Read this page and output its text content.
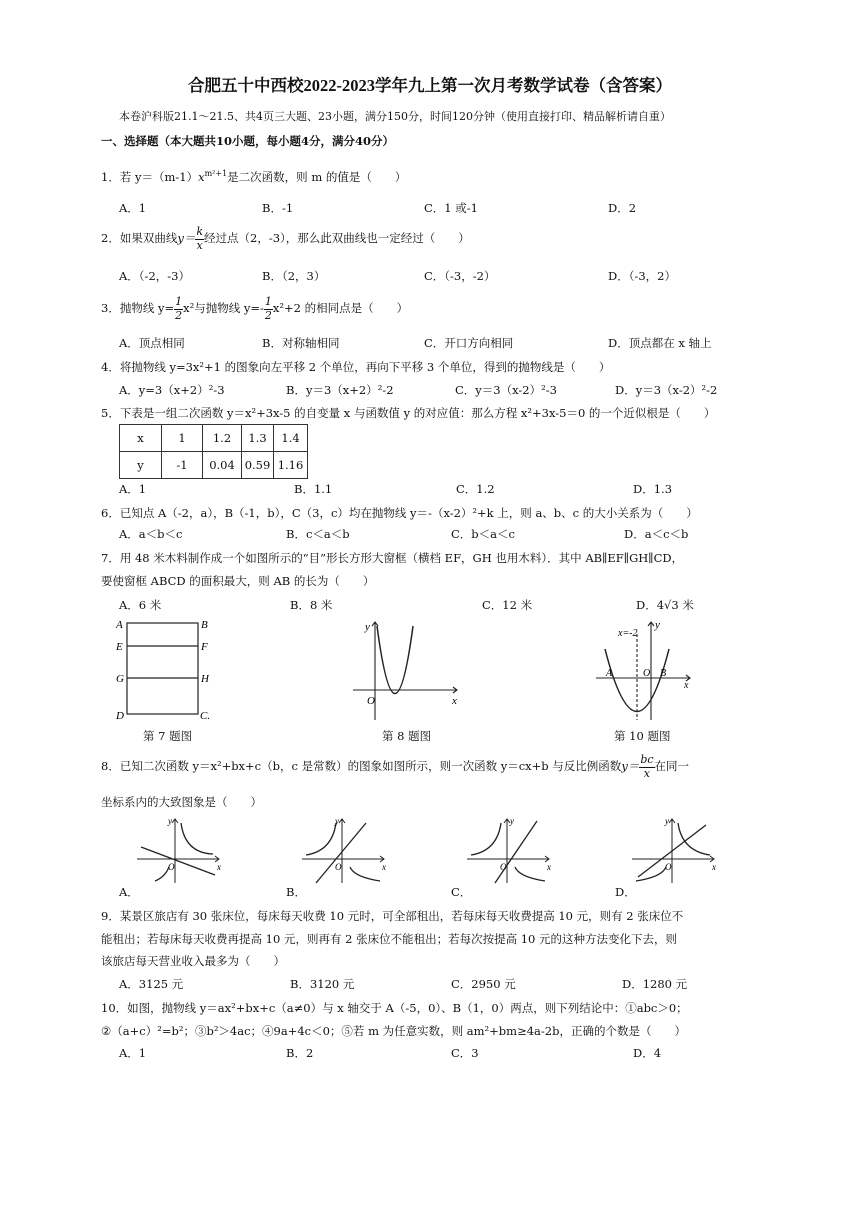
合肥五十中西校2022-2023学年九上第一次月考数学试卷（含答案）
本卷沪科版21.1～21.5、共4页三大题、23小题，满分150分，时间120分钟（使用直接打印、精品解析请自重）
一、选择题（本大题共10小题，每小题4分，满分40分）
1．若 $y=(m-1)x^{m^2+1}$是二次函数，则 m 的值是（　　）
A．1	B．-1	C．1 或-1	D．2
2．如果双曲线$y= \frac{k}{x}$ 经过点（2，-3），那么此双曲线也一定经过（　　）
A．（-2，-3）	B．（2，3）	C．（-3，-2）	D．（-3，2）
3．抛物线 $y= \frac{1}{2} x^2$与抛物线 $y=- \frac{1}{2} x^2+2$ 的相同点是（　　）
A．顶点相同	B．对称轴相同	C．开口方向相同	D．顶点都在 x 轴上
4．将抛物线 y=3x²+1 的图象向左平移 2 个单位，再向下平移 3 个单位，得到的抛物线是（　　）
A．y=3（x+2）²-3	B．y＝3（x+2）²-2	C．y＝3（x-2）²-3	D．y＝3（x-2）²-2
5．下表是一组二次函数 y＝x²+3x-5 的自变量 x 与函数值 y 的对应值：那么方程 x²+3x-5＝0 的一个近似根是（　　）
x	1	1.2	1.3	1.4
y	-1	0.04	0.59	1.16
A．1	B．1.1	C．1.2	D．1.3
6．已知点 A（-2，a），B（-1，b），C（3，c）均在抛物线 y＝-（x-2）²+k 上，则 a、b、c 的大小关系为（　　）
A．a＜b＜c	B．c＜a＜b	C．b＜a＜c	D．a＜c＜b
7．用 48 米木料制作成一个如图所示的“目”形长方形大窗框（横档 EF，GH 也用木料）．其中 AB∥EF∥GH∥CD，
要使窗框 ABCD 的面积最大，则 AB 的长为（　　）
A．6 米	B．8 米	C．12 米	D．4√3 米
A	B
E	F
G	H
D	C.
第 7 题图
O
y
x
第 8 题图
x=-2
y
A	O B
x
第 10 题图
8．已知二次函数 y＝x²+bx+c（b，c 是常数）的图象如图所示，则一次函数 y＝cx+b 与反比例函数$y= \frac{bc}{x}$ 在同一
坐标系内的大致图象是（　　）
O
y
x
A．
O
y
x
B．
O
y
x
C．
O
y
x
D．
9．某景区旅店有 30 张床位，每床每天收费 10 元时，可全部租出，若每床每天收费提高 10 元，则有 2 张床位不
能租出；若每床每天收费再提高 10 元，则再有 2 张床位不能租出；若每次按提高 10 元的这种方法变化下去，则
该旅店每天营业收入最多为（　　）
A．3125 元	B．3120 元	C．2950 元	D．1280 元
10．如图，抛物线 y＝ax²+bx+c（a≠0）与 x 轴交于 A（-5，0）、B（1，0）两点，则下列结论中：①abc＞0；
②（a+c）²=b²；③b²＞4ac；④9a+4c＜0；⑤若 m 为任意实数，则 am²+bm≥4a-2b，正确的个数是（　　）
A．1	B．2	C．3	D．4
